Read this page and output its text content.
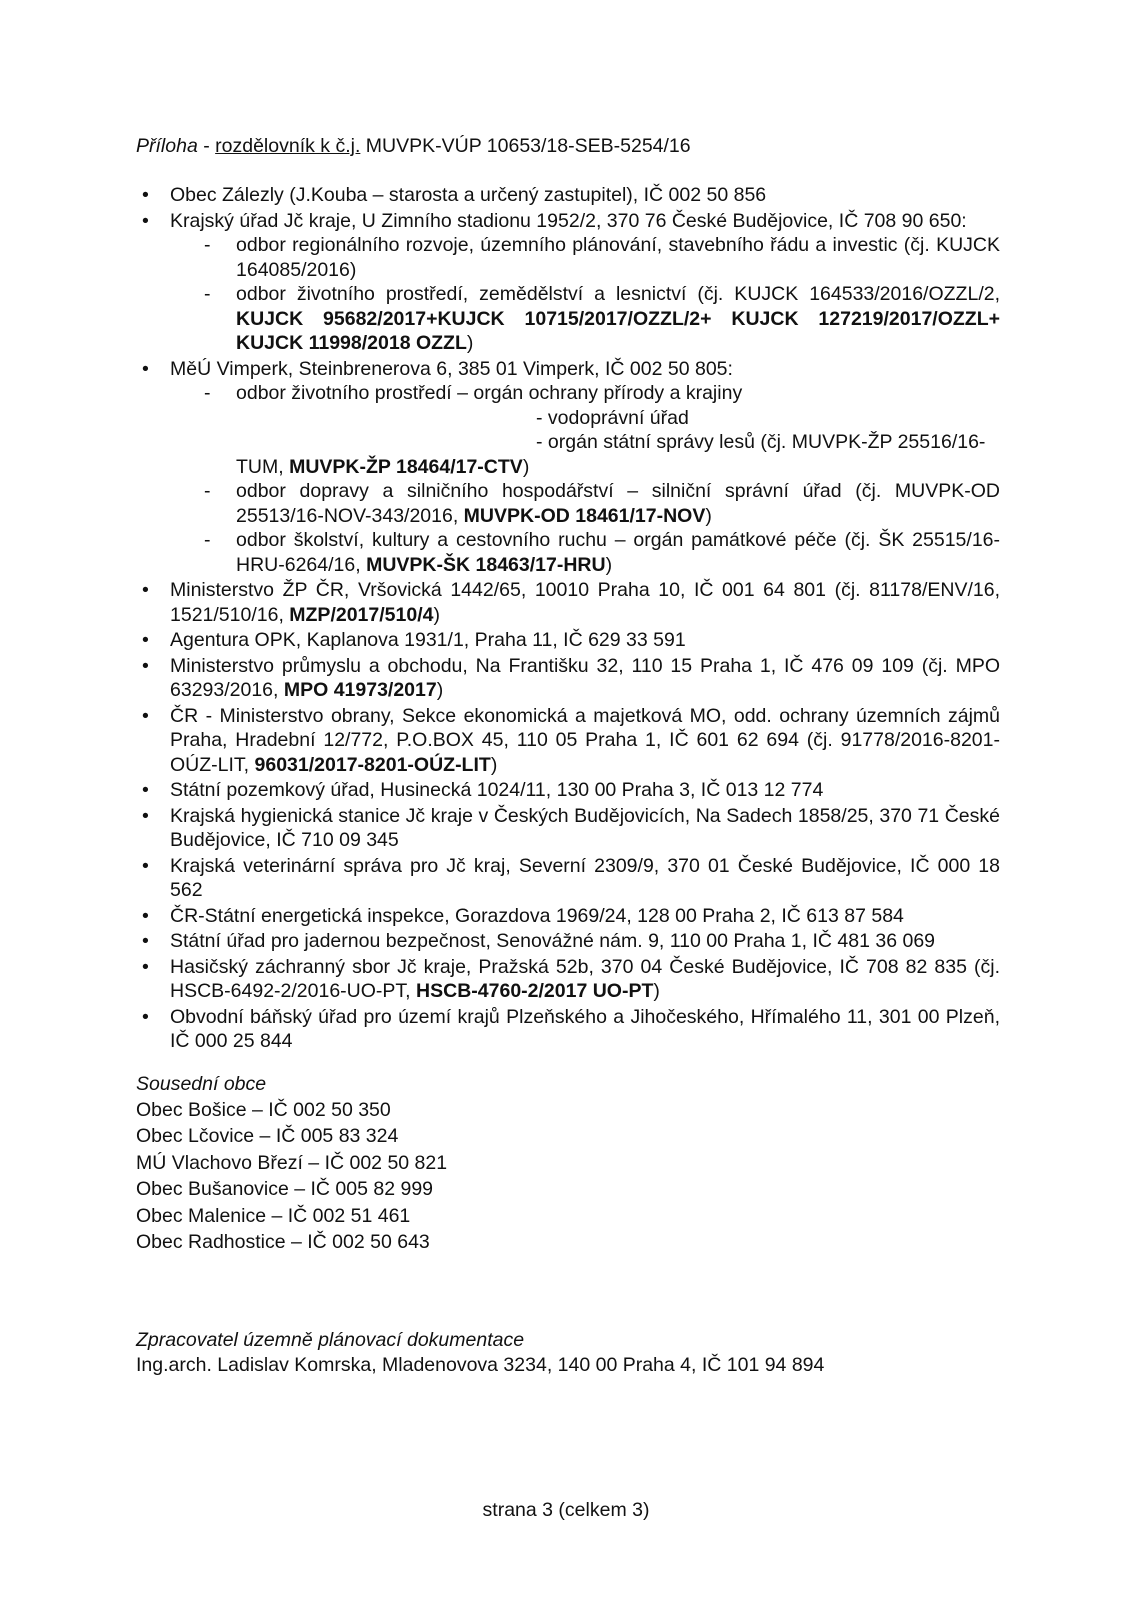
Příloha - rozdělovník k č.j. MUVPK-VÚP 10653/18-SEB-5254/16
• Obec Zálezly (J.Kouba – starosta a určený zastupitel), IČ 002 50 856
• Krajský úřad Jč kraje, U Zimního stadionu 1952/2, 370 76 České Budějovice, IČ 708 90 650:
- odbor regionálního rozvoje, územního plánování, stavebního řádu a investic (čj. KUJCK 164085/2016)
- odbor životního prostředí, zemědělství a lesnictví (čj. KUJCK 164533/2016/OZZL/2, KUJCK 95682/2017+KUJCK 10715/2017/OZZL/2+ KUJCK 127219/2017/OZZL+ KUJCK 11998/2018 OZZL)
• MěÚ Vimperk, Steinbrenerova 6, 385 01 Vimperk, IČ 002 50 805:
- odbor životního prostředí – orgán ochrany přírody a krajiny
- vodoprávní úřad
- orgán státní správy lesů (čj. MUVPK-ŽP 25516/16-
TUM, MUVPK-ŽP 18464/17-CTV)
- odbor dopravy a silničního hospodářství – silniční správní úřad (čj. MUVPK-OD 25513/16-NOV-343/2016, MUVPK-OD 18461/17-NOV)
- odbor školství, kultury a cestovního ruchu – orgán památkové péče (čj. ŠK 25515/16-HRU-6264/16, MUVPK-ŠK 18463/17-HRU)
• Ministerstvo ŽP ČR, Vršovická 1442/65, 10010 Praha 10, IČ 001 64 801 (čj. 81178/ENV/16, 1521/510/16, MZP/2017/510/4)
• Agentura OPK, Kaplanova 1931/1, Praha 11, IČ 629 33 591
• Ministerstvo průmyslu a obchodu, Na Františku 32, 110 15 Praha 1, IČ 476 09 109 (čj. MPO 63293/2016, MPO 41973/2017)
• ČR - Ministerstvo obrany, Sekce ekonomická a majetková MO, odd. ochrany územních zájmů Praha, Hradební 12/772, P.O.BOX 45, 110 05 Praha 1, IČ 601 62 694 (čj. 91778/2016-8201-OÚZ-LIT, 96031/2017-8201-OÚZ-LIT)
• Státní pozemkový úřad, Husinecká 1024/11, 130 00 Praha 3, IČ 013 12 774
• Krajská hygienická stanice Jč kraje v Českých Budějovicích, Na Sadech 1858/25, 370 71 České Budějovice, IČ 710 09 345
• Krajská veterinární správa pro Jč kraj, Severní 2309/9, 370 01 České Budějovice, IČ 000 18 562
• ČR-Státní energetická inspekce, Gorazdova 1969/24, 128 00 Praha 2, IČ 613 87 584
• Státní úřad pro jadernou bezpečnost, Senovážné nám. 9, 110 00 Praha 1, IČ 481 36 069
• Hasičský záchranný sbor Jč kraje, Pražská 52b, 370 04 České Budějovice, IČ 708 82 835 (čj. HSCB-6492-2/2016-UO-PT, HSCB-4760-2/2017 UO-PT)
• Obvodní báňský úřad pro území krajů Plzeňského a Jihočeského, Hřímalého 11, 301 00 Plzeň, IČ 000 25 844
Sousední obce
Obec Bošice – IČ 002 50 350
Obec Lčovice – IČ 005 83 324
MÚ Vlachovo Březí – IČ 002 50 821
Obec Bušanovice – IČ 005 82 999
Obec Malenice – IČ 002 51 461
Obec Radhostice – IČ 002 50 643
Zpracovatel územně plánovací dokumentace
Ing.arch. Ladislav Komrska, Mladenovova 3234, 140 00 Praha 4, IČ 101 94 894
strana 3 (celkem 3)
